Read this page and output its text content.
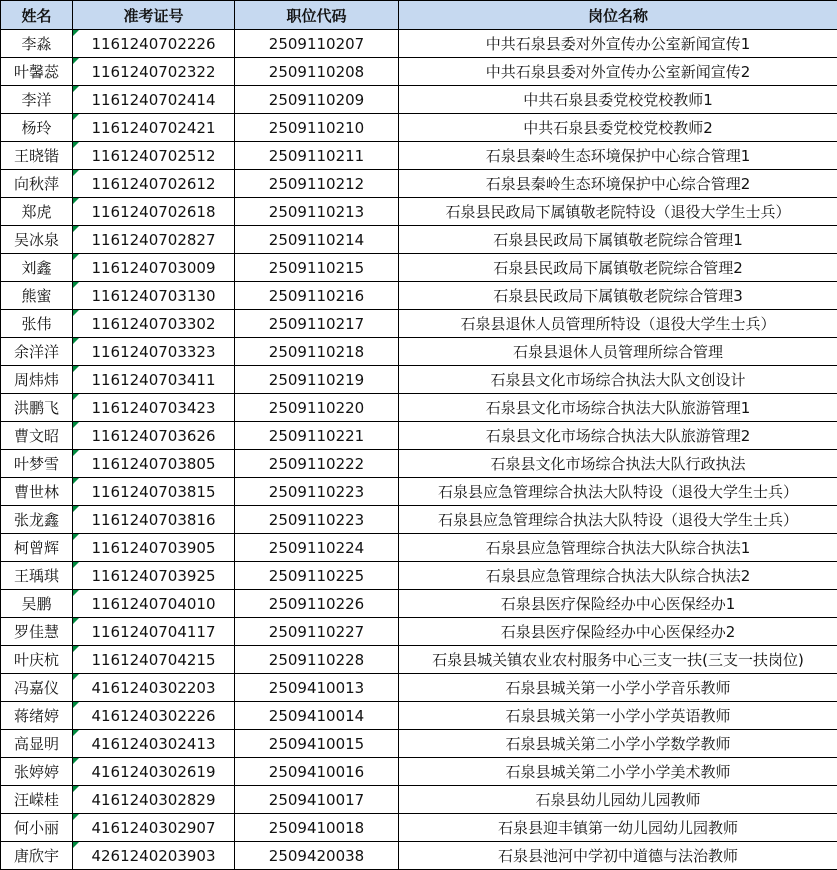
姓名	准考证号	职位代码	岗位名称
李淼	1161240702226	2509110207	中共石泉县委对外宣传办公室新闻宣传1
叶馨蕊	1161240702322	2509110208	中共石泉县委对外宣传办公室新闻宣传2
李洋	1161240702414	2509110209	中共石泉县委党校党校教师1
杨玲	1161240702421	2509110210	中共石泉县委党校党校教师2
王晓锴	1161240702512	2509110211	石泉县秦岭生态环境保护中心综合管理1
向秋萍	1161240702612	2509110212	石泉县秦岭生态环境保护中心综合管理2
郑虎	1161240702618	2509110213	石泉县民政局下属镇敬老院特设（退役大学生士兵）
吴冰泉	1161240702827	2509110214	石泉县民政局下属镇敬老院综合管理1
刘鑫	1161240703009	2509110215	石泉县民政局下属镇敬老院综合管理2
熊蜜	1161240703130	2509110216	石泉县民政局下属镇敬老院综合管理3
张伟	1161240703302	2509110217	石泉县退休人员管理所特设（退役大学生士兵）
余洋洋	1161240703323	2509110218	石泉县退休人员管理所综合管理
周炜炜	1161240703411	2509110219	石泉县文化市场综合执法大队文创设计
洪鹏飞	1161240703423	2509110220	石泉县文化市场综合执法大队旅游管理1
曹文昭	1161240703626	2509110221	石泉县文化市场综合执法大队旅游管理2
叶梦雪	1161240703805	2509110222	石泉县文化市场综合执法大队行政执法
曹世林	1161240703815	2509110223	石泉县应急管理综合执法大队特设（退役大学生士兵）
张龙鑫	1161240703816	2509110223	石泉县应急管理综合执法大队特设（退役大学生士兵）
柯曾辉	1161240703905	2509110224	石泉县应急管理综合执法大队综合执法1
王瑀琪	1161240703925	2509110225	石泉县应急管理综合执法大队综合执法2
吴鹏	1161240704010	2509110226	石泉县医疗保险经办中心医保经办1
罗佳慧	1161240704117	2509110227	石泉县医疗保险经办中心医保经办2
叶庆杭	1161240704215	2509110228	石泉县城关镇农业农村服务中心三支一扶(三支一扶岗位)
冯嘉仪	4161240302203	2509410013	石泉县城关第一小学小学音乐教师
蒋绪婷	4161240302226	2509410014	石泉县城关第一小学小学英语教师
高显明	4161240302413	2509410015	石泉县城关第二小学小学数学教师
张婷婷	4161240302619	2509410016	石泉县城关第二小学小学美术教师
汪嵘桂	4161240302829	2509410017	石泉县幼儿园幼儿园教师
何小丽	4161240302907	2509410018	石泉县迎丰镇第一幼儿园幼儿园教师
唐欣宇	4261240203903	2509420038	石泉县池河中学初中道德与法治教师
